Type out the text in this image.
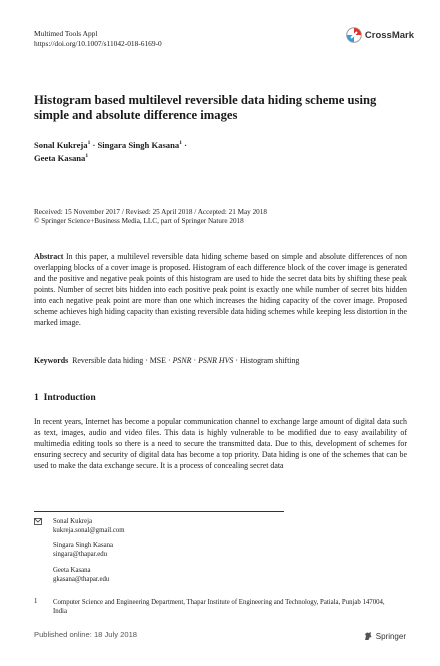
Multimed Tools Appl
https://doi.org/10.1007/s11042-018-6169-0
CrossMark
Histogram based multilevel reversible data hiding scheme using simple and absolute difference images
Sonal Kukreja$^1$ · Singara Singh Kasana$^1$ ·
Geeta Kasana$^1$
Received: 15 November 2017 / Revised: 25 April 2018 / Accepted: 21 May 2018
© Springer Science+Business Media, LLC, part of Springer Nature 2018
Abstract In this paper, a multilevel reversible data hiding scheme based on simple and absolute differences of non overlapping blocks of a cover image is proposed. Histogram of each difference block of the cover image is generated and the positive and negative peak points of this histogram are used to hide the secret data bits by shifting these peak points. Number of secret bits hidden into each positive peak point is exactly one while number of secret bits hidden into each negative peak point are more than one which increases the hiding capacity of the cover image. Proposed scheme achieves high hiding capacity than existing reversible data hiding schemes while keeping less distortion in the marked image.
Keywords Reversible data hiding · MSE · PSNR · PSNR HVS · Histogram shifting
1 Introduction
In recent years, Internet has become a popular communication channel to exchange large amount of digital data such as text, images, audio and video files. This data is highly vulnerable to be modified due to easy availability of multimedia editing tools so there is a need to secure the transmitted data. Due to this, development of schemes for ensuring secrecy and security of digital data has become a top priority. Data hiding is one of the schemes that can be used to make the data exchange secure. It is a process of concealing secret data
Sonal Kukreja
kukreja.sonal@gmail.com
Singara Singh Kasana
singara@thapar.edu
Geeta Kasana
gkasana@thapar.edu
1 Computer Science and Engineering Department, Thapar Institute of Engineering and Technology, Patiala, Punjab 147004, India
Published online: 18 July 2018	Springer
